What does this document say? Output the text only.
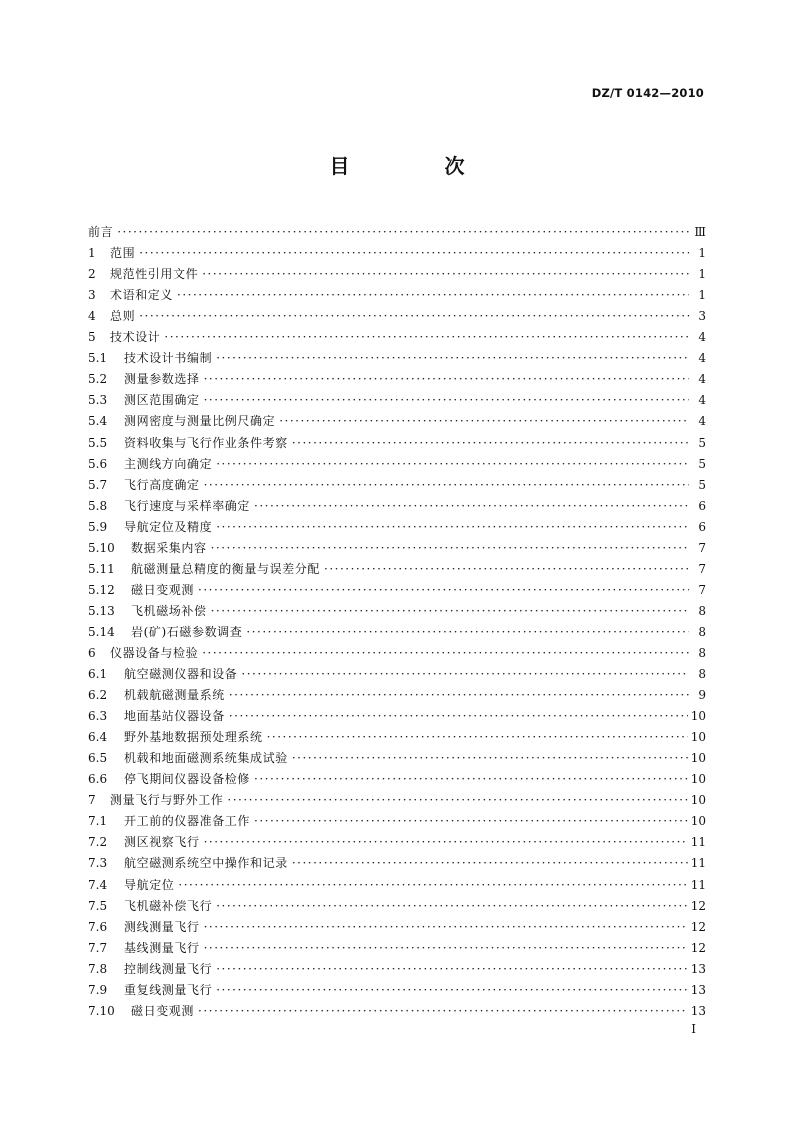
DZ/T 0142—2010
目 次
前言 ·····	Ⅲ
1	范围 ·····	1
2	规范性引用文件 ·····	1
3	术语和定义 ·····	1
4	总则 ·····	3
5	技术设计 ·····	4
5.1	技术设计书编制 ·····	4
5.2	测量参数选择 ·····	4
5.3	测区范围确定 ·····	4
5.4	测网密度与测量比例尺确定 ·····	4
5.5	资料收集与飞行作业条件考察 ·····	5
5.6	主测线方向确定 ·····	5
5.7	飞行高度确定 ·····	5
5.8	飞行速度与采样率确定 ·····	6
5.9	导航定位及精度 ·····	6
5.10	数据采集内容 ·····	7
5.11	航磁测量总精度的衡量与误差分配 ·····	7
5.12	磁日变观测 ·····	7
5.13	飞机磁场补偿 ·····	8
5.14	岩(矿)石磁参数调查 ·····	8
6	仪器设备与检验 ·····	8
6.1	航空磁测仪器和设备 ·····	8
6.2	机载航磁测量系统 ·····	9
6.3	地面基站仪器设备 ·····	10
6.4	野外基地数据预处理系统 ·····	10
6.5	机载和地面磁测系统集成试验 ·····	10
6.6	停飞期间仪器设备检修 ·····	10
7	测量飞行与野外工作 ·····	10
7.1	开工前的仪器准备工作 ·····	10
7.2	测区视察飞行 ·····	11
7.3	航空磁测系统空中操作和记录 ·····	11
7.4	导航定位 ·····	11
7.5	飞机磁补偿飞行 ·····	12
7.6	测线测量飞行 ·····	12
7.7	基线测量飞行 ·····	12
7.8	控制线测量飞行 ·····	13
7.9	重复线测量飞行 ·····	13
7.10	磁日变观测 ·····	13
I
